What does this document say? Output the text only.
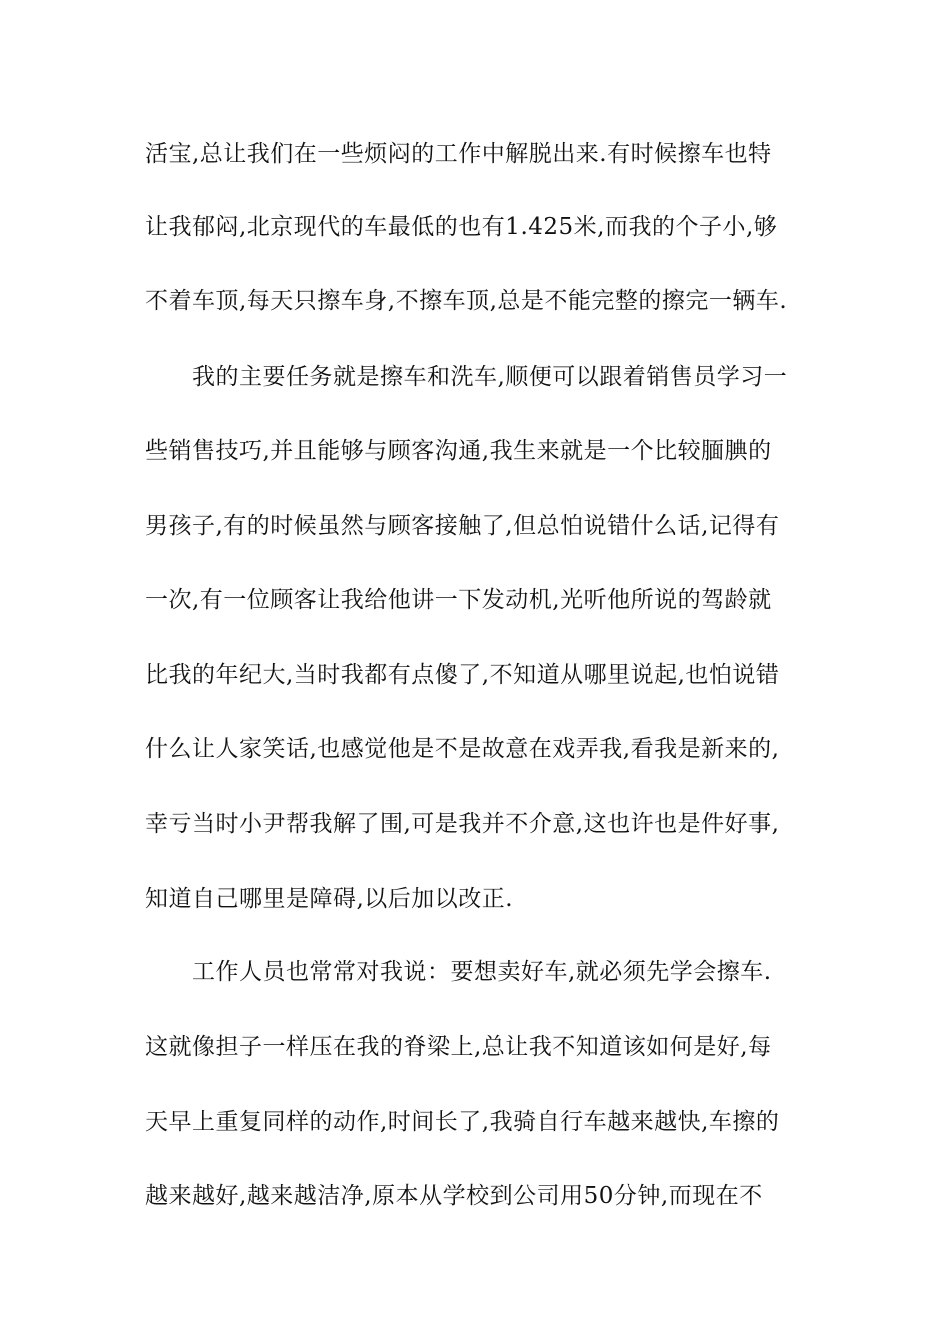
活宝,总让我们在一些烦闷的工作中解脱出来.有时候擦车也特
让我郁闷,北京现代的车最低的也有1.425米,而我的个子小,够
不着车顶,每天只擦车身,不擦车顶,总是不能完整的擦完一辆车.
我的主要任务就是擦车和洗车,顺便可以跟着销售员学习一
些销售技巧,并且能够与顾客沟通,我生来就是一个比较腼腆的
男孩子,有的时候虽然与顾客接触了,但总怕说错什么话,记得有
一次,有一位顾客让我给他讲一下发动机,光听他所说的驾龄就
比我的年纪大,当时我都有点傻了,不知道从哪里说起,也怕说错
什么让人家笑话,也感觉他是不是故意在戏弄我,看我是新来的,
幸亏当时小尹帮我解了围,可是我并不介意,这也许也是件好事,
知道自己哪里是障碍,以后加以改正.
工作人员也常常对我说：要想卖好车,就必须先学会擦车.
这就像担子一样压在我的脊梁上,总让我不知道该如何是好,每
天早上重复同样的动作,时间长了,我骑自行车越来越快,车擦的
越来越好,越来越洁净,原本从学校到公司用50分钟,而现在不
